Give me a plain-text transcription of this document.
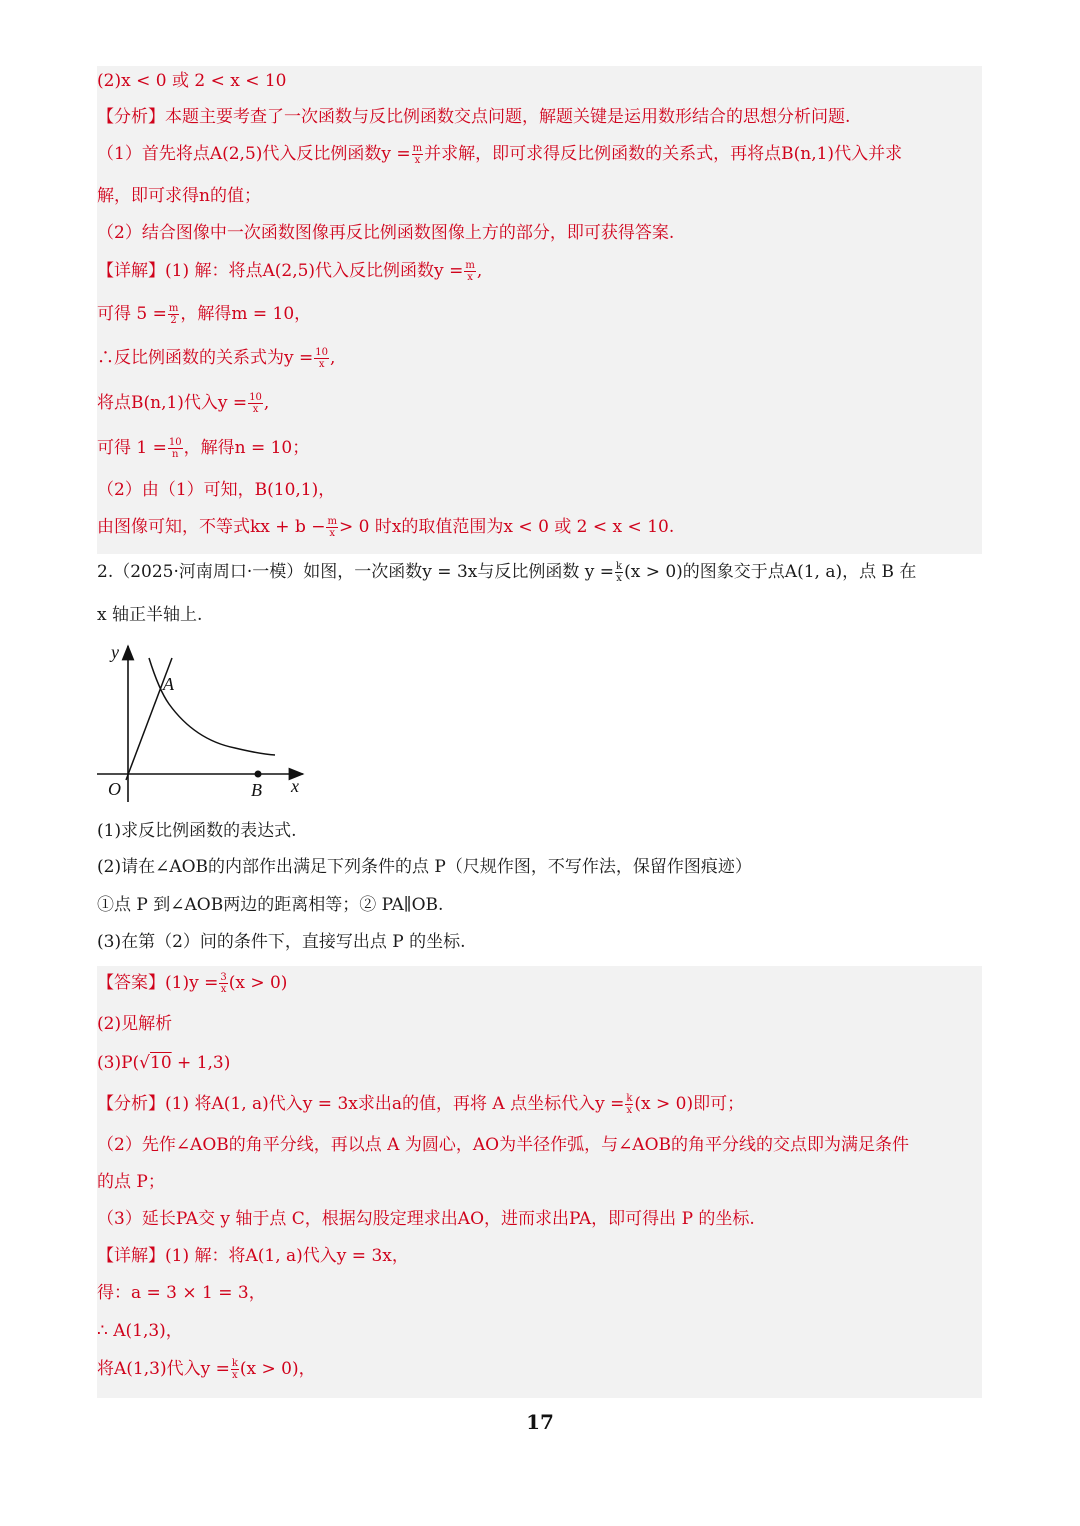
(2)x < 0 或 2 < x < 10
【分析】本题主要考查了一次函数与反比例函数交点问题，解题关键是运用数形结合的思想分析问题.
（1）首先将点A(2,5)代入反比例函数$y = \frac{m}{x}$ 并求解，即可求得反比例函数的关系式，再将点B(n,1)代入并求
解，即可求得n的值；
（2）结合图像中一次函数图像再反比例函数图像上方的部分，即可获得答案.
【详解】(1) 解：将点A(2,5)代入反比例函数$y = \frac{m}{x}$ ,
可得 $5 = \frac{m}{2}$ ，解得m = 10，
∴反比例函数的关系式为$y = \frac{10}{x}$ ,
将点B(n,1)代入$y = \frac{10}{x}$ ,
可得 $1 = \frac{10}{n}$ ，解得n = 10；
（2）由（1）可知，B(10,1)，
由图像可知，不等式kx + $b - \frac{m}{x} > 0$ 时x的取值范围为x < 0 或 2 < x < 10.
2.（2025·河南周口·一模）如图，一次函数y = 3x与反比例函数 $y = \frac{k}{x} (x > 0)$的图象交于点A(1, a)，点 B 在
x 轴正半轴上.
y
x
O
A
B
(1)求反比例函数的表达式.
(2)请在∠AOB的内部作出满足下列条件的点 P（尺规作图，不写作法，保留作图痕迹）
①点 P 到∠AOB两边的距离相等；② PA∥OB.
(3)在第（2）问的条件下，直接写出点 P 的坐标.
【答案】$(1)y = \frac{3}{x} (x > 0)$
(2)见解析
(3)P(√10 + 1,3)
【分析】(1) 将A(1, a)代入y = 3x求出a的值，再将 A 点坐标代入$y = \frac{k}{x} (x > 0)$即可；
（2）先作∠AOB的角平分线，再以点 A 为圆心，AO为半径作弧，与∠AOB的角平分线的交点即为满足条件
的点 P；
（3）延长PA交 y 轴于点 C，根据勾股定理求出AO，进而求出PA，即可得出 P 的坐标.
【详解】(1) 解：将A(1, a)代入y = 3x，
得：a = 3 × 1 = 3，
∴ A(1,3)，
将A(1,3)代入$y = \frac{k}{x} (x > 0)$，
17
